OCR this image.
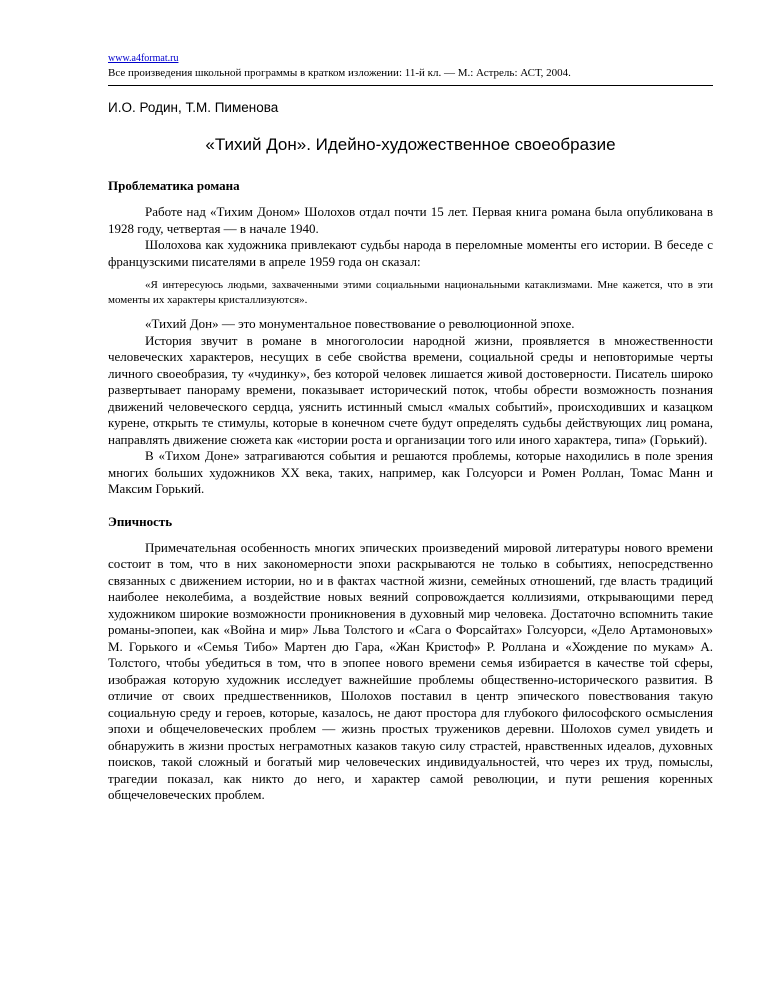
www.a4format.ru
Все произведения школьной программы в кратком изложении: 11-й кл. — М.: Астрель: АСТ, 2004.
И.О. Родин, Т.М. Пименова
«Тихий Дон». Идейно-художественное своеобразие
Проблематика романа

Работе над «Тихим Доном» Шолохов отдал почти 15 лет. Первая книга романа была опубликована в 1928 году, четвертая — в начале 1940.

Шолохова как художника привлекают судьбы народа в переломные моменты его истории. В беседе с французскими писателями в апреле 1959 года он сказал:

«Я интересуюсь людьми, захваченными этими социальными национальными катаклизмами. Мне кажется, что в эти моменты их характеры кристаллизуются».

«Тихий Дон» — это монументальное повествование о революционной эпохе.

История звучит в романе в многоголосии народной жизни, проявляется в множественности человеческих характеров, несущих в себе свойства времени, социальной среды и неповторимые черты личного своеобразия, ту «чудинку», без которой человек лишается живой достоверности. Писатель широко развертывает панораму времени, показывает исторический поток, чтобы обрести возможность познания движений человеческого сердца, уяснить истинный смысл «малых событий», происходивших и казацком курене, открыть те стимулы, которые в конечном счете будут определять судьбы действующих лиц романа, направлять движение сюжета как «истории роста и организации того или иного характера, типа» (Горький).

В «Тихом Доне» затрагиваются события и решаются проблемы, которые находились в поле зрения многих больших художников XX века, таких, например, как Голсуорси и Ромен Роллан, Томас Манн и Максим Горький.

Эпичность

Примечательная особенность многих эпических произведений мировой литературы нового времени состоит в том, что в них закономерности эпохи раскрываются не только в событиях, непосредственно связанных с движением истории, но и в фактах частной жизни, семейных отношений, где власть традиций наиболее неколебима, а воздействие новых веяний сопровождается коллизиями, открывающими перед художником широкие возможности проникновения в духовный мир человека. Достаточно вспомнить такие романы-эпопеи, как «Война и мир» Льва Толстого и «Сага о Форсайтах» Голсуорси, «Дело Артамоновых» М. Горького и «Семья Тибо» Мартен дю Гара, «Жан Кристоф» Р. Роллана и «Хождение по мукам» А. Толстого, чтобы убедиться в том, что в эпопее нового времени семья избирается в качестве той сферы, изображая которую художник исследует важнейшие проблемы общественно-исторического развития. В отличие от своих предшественников, Шолохов поставил в центр эпического повествования такую социальную среду и героев, которые, казалось, не дают простора для глубокого философского осмысления эпохи и общечеловеческих проблем — жизнь простых тружеников деревни. Шолохов сумел увидеть и обнаружить в жизни простых неграмотных казаков такую силу страстей, нравственных идеалов, духовных поисков, такой сложный и богатый мир человеческих индивидуальностей, что через их труд, помыслы, трагедии показал, как никто до него, и характер самой революции, и пути решения коренных общечеловеческих проблем.
